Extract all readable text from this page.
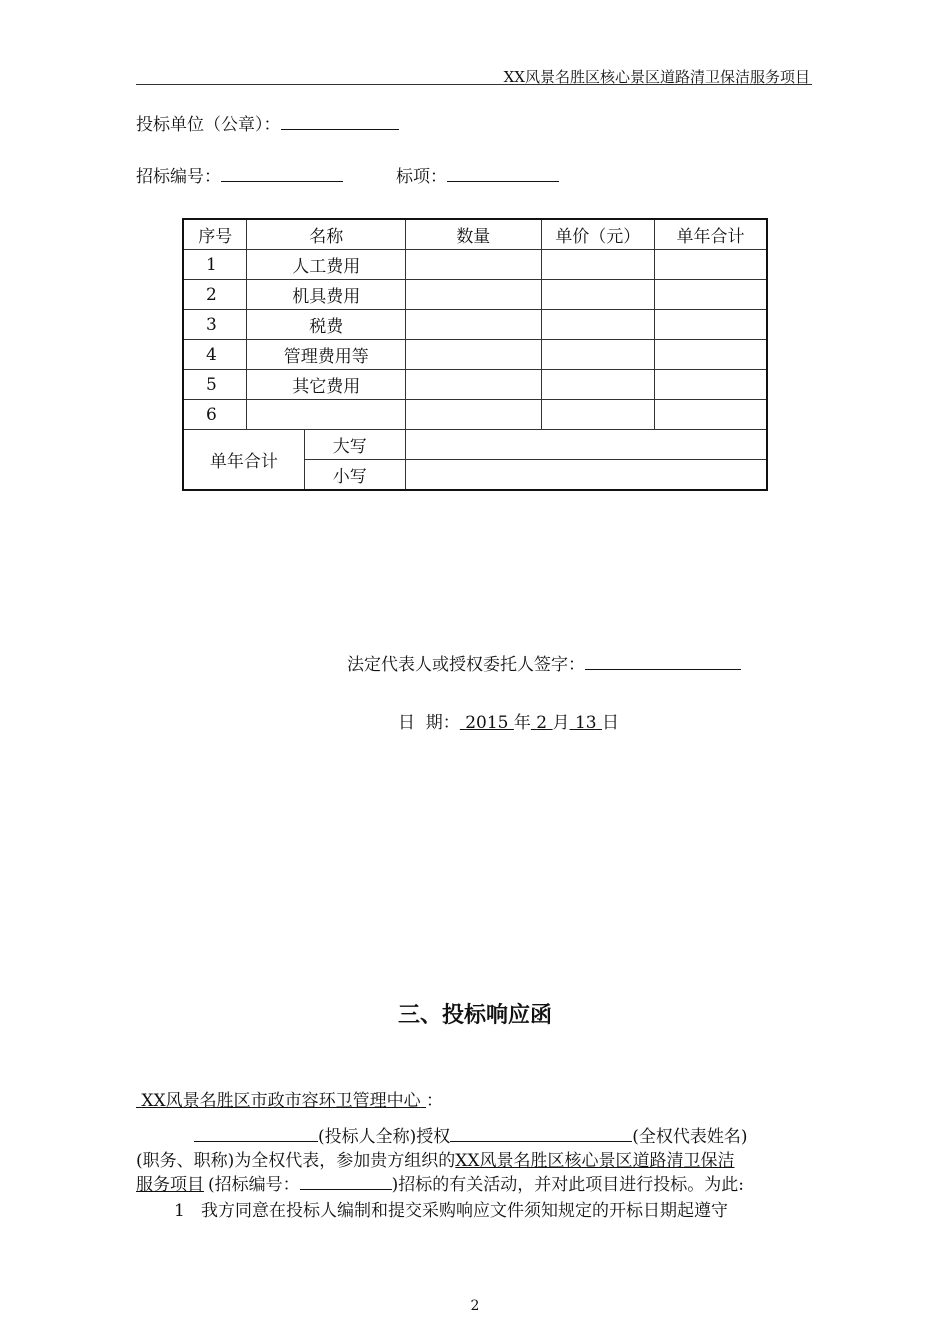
XX风景名胜区核心景区道路清卫保洁服务项目
投标单位（公章）：
招标编号：	标项：
序号	名称		数量	单价（元）	单年合计
1	人工费用				
2	机具费用				
3	税费				
4	管理费用等				
5	其它费用				
6					
单年合计		大写			
		小写			
法定代表人或授权委托人签字：
日  期： 2015 年 2 月 13 日
三、投标响应函
XX风景名胜区市政市容环卫管理中心 ：
(投标人全称)授权	(全权代表姓名)
(职务、职称)为全权代表，参加贵方组织的XX风景名胜区核心景区道路清卫保洁
服务项目 (招标编号：	)招标的有关活动，并对此项目进行投标。为此:
1   我方同意在投标人编制和提交采购响应文件须知规定的开标日期起遵守
2
